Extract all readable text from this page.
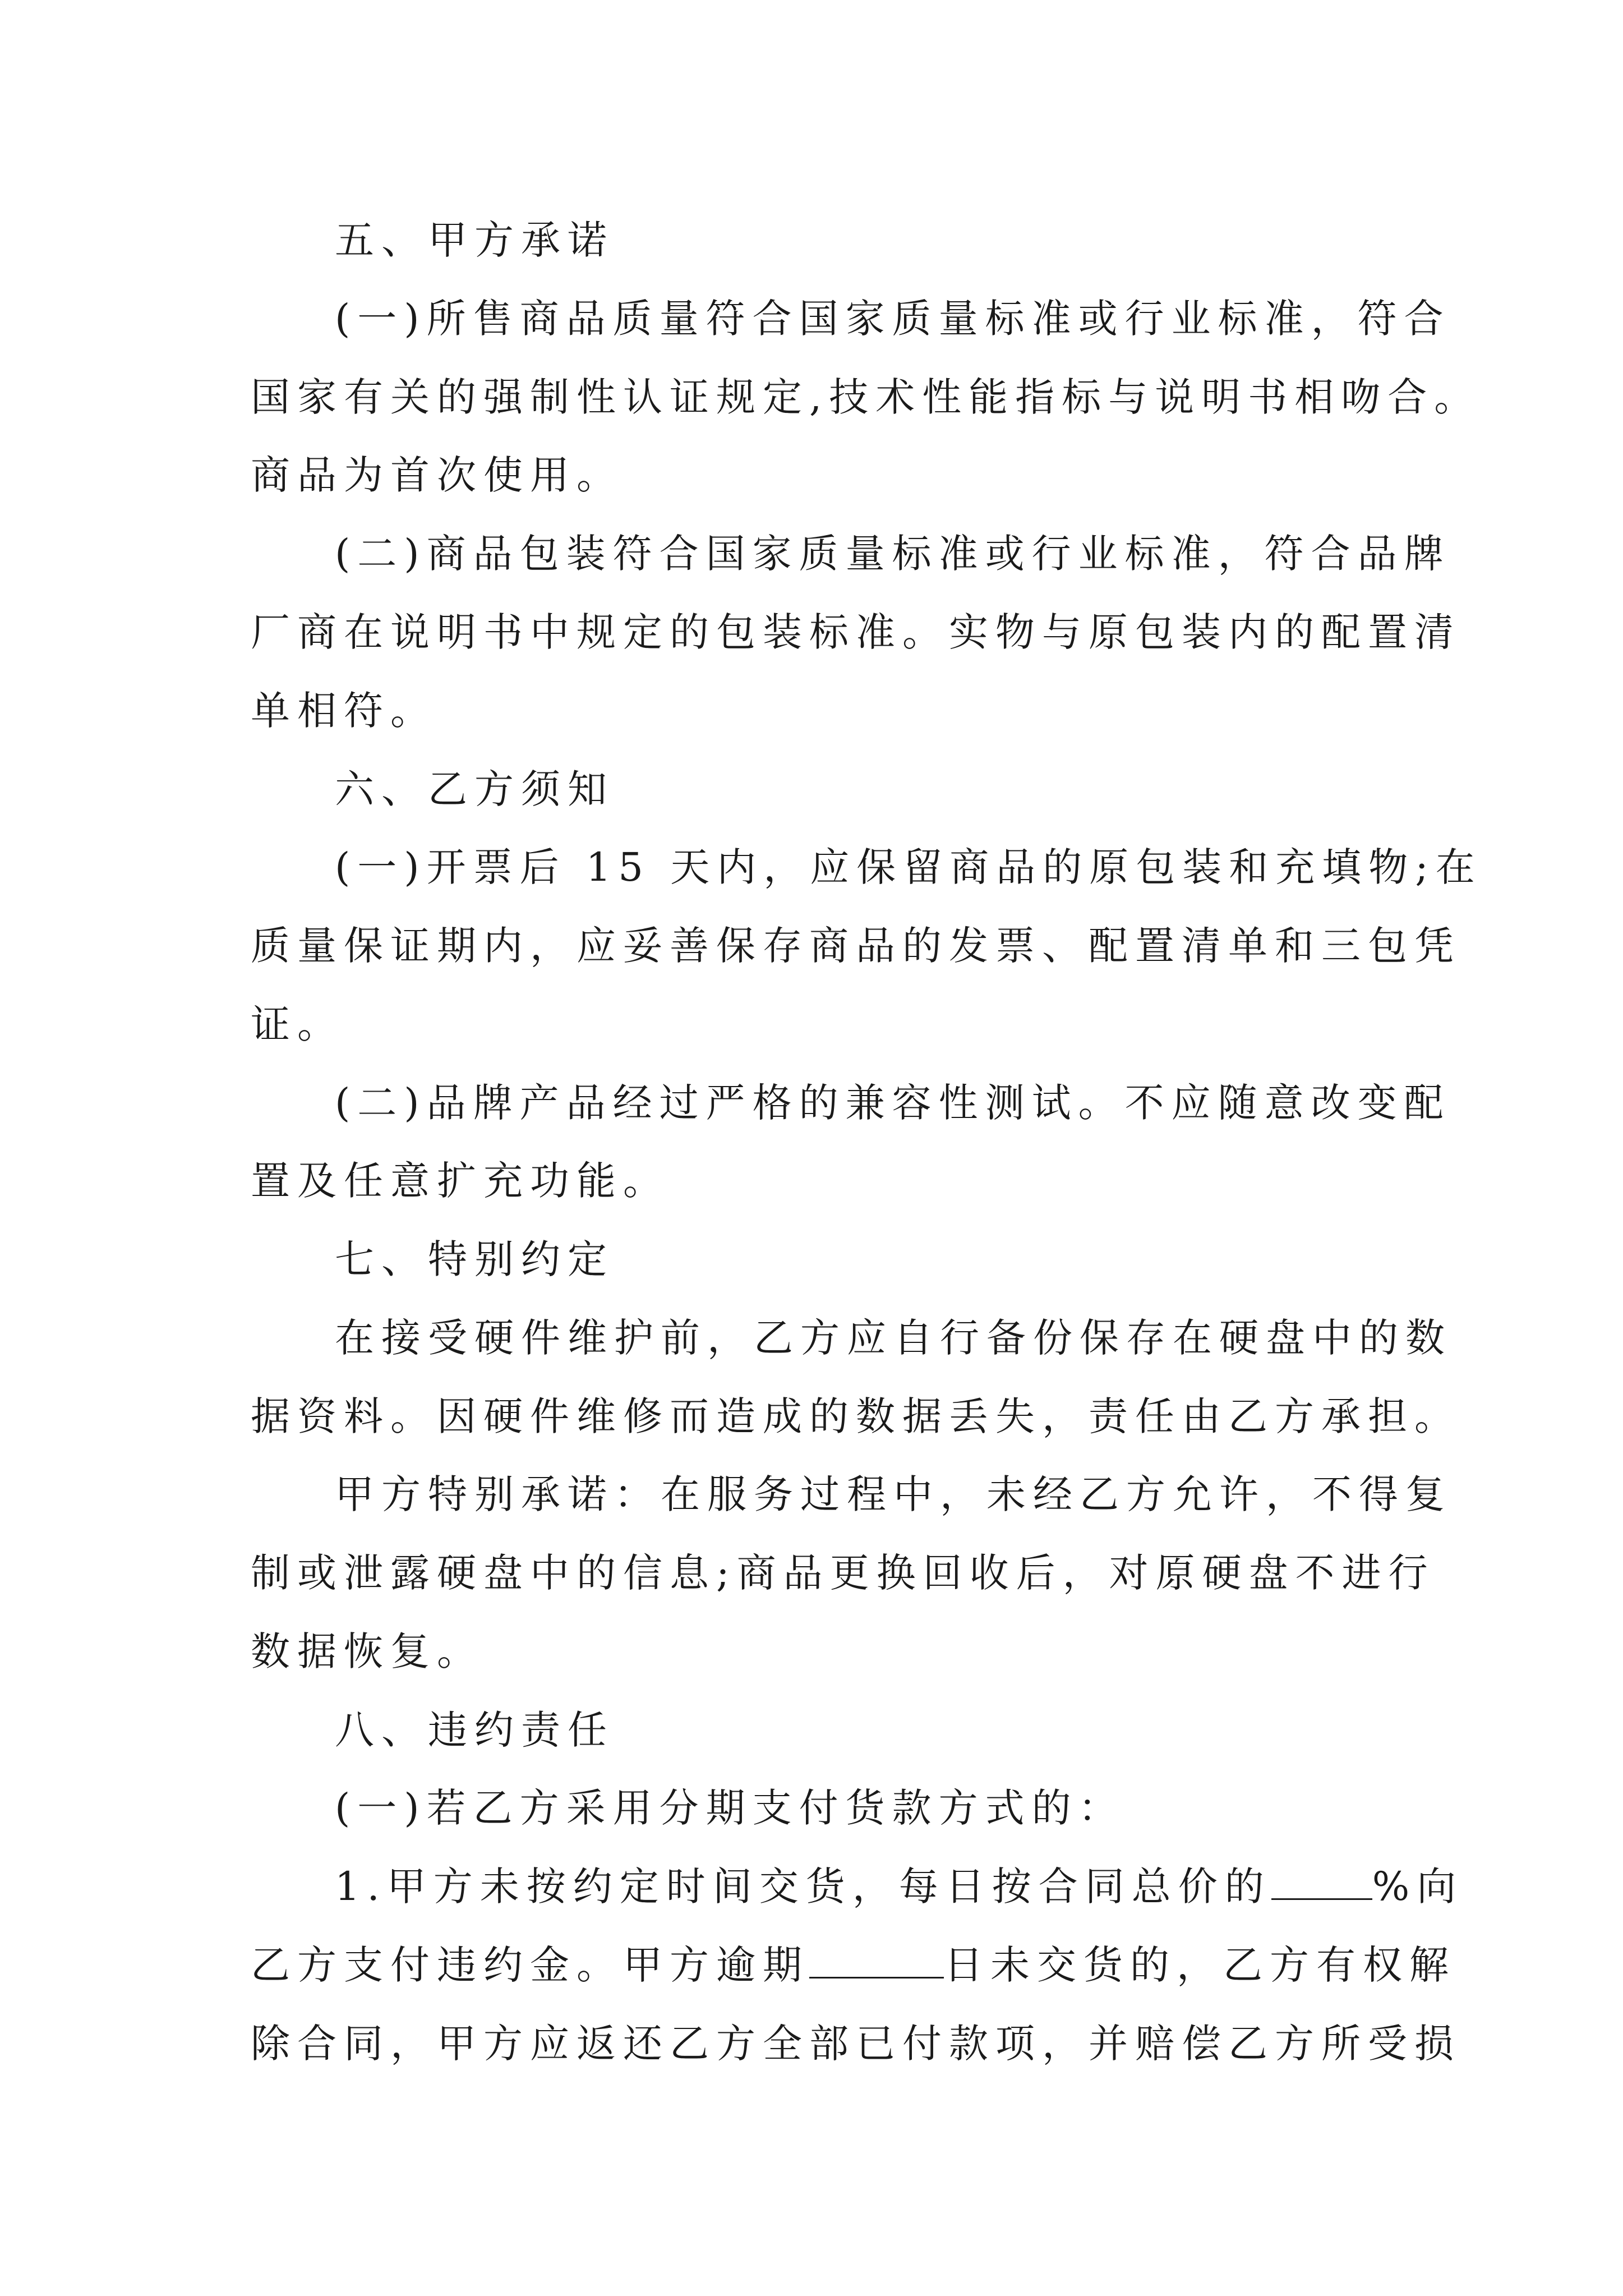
五、甲方承诺
(一)所售商品质量符合国家质量标准或行业标准，符合
国家有关的强制性认证规定,技术性能指标与说明书相吻合。
商品为首次使用。
(二)商品包装符合国家质量标准或行业标准，符合品牌
厂商在说明书中规定的包装标准。实物与原包装内的配置清
单相符。
六、乙方须知
(一)开票后 15 天内，应保留商品的原包装和充填物;在
质量保证期内，应妥善保存商品的发票、配置清单和三包凭
证。
(二)品牌产品经过严格的兼容性测试。不应随意改变配
置及任意扩充功能。
七、特别约定
在接受硬件维护前，乙方应自行备份保存在硬盘中的数
据资料。因硬件维修而造成的数据丢失，责任由乙方承担。
甲方特别承诺：在服务过程中，未经乙方允许，不得复
制或泄露硬盘中的信息;商品更换回收后，对原硬盘不进行
数据恢复。
八、违约责任
(一)若乙方采用分期支付货款方式的：
1.甲方未按约定时间交货，每日按合同总价的	%向
乙方支付违约金。甲方逾期	日未交货的，乙方有权解
除合同，甲方应返还乙方全部已付款项，并赔偿乙方所受损
